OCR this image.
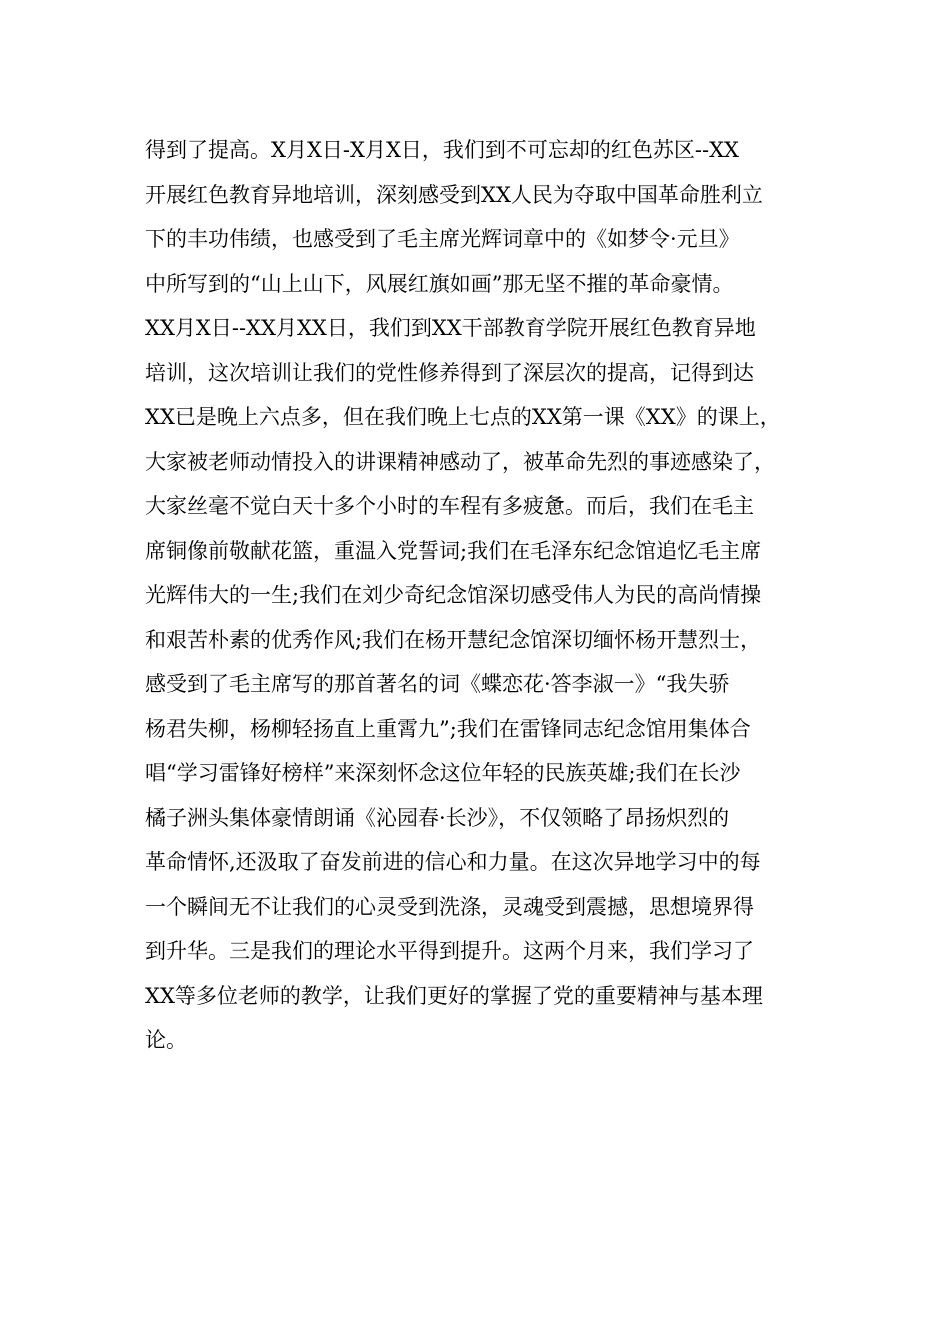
得到了提高。X月X日-X月X日，我们到不可忘却的红色苏区--XX
开展红色教育异地培训，深刻感受到XX人民为夺取中国革命胜利立
下的丰功伟绩，也感受到了毛主席光辉词章中的《如梦令·元旦》
中所写到的“山上山下，风展红旗如画”那无坚不摧的革命豪情。
XX月X日--XX月XX日，我们到XX干部教育学院开展红色教育异地
培训，这次培训让我们的党性修养得到了深层次的提高，记得到达
XX已是晚上六点多，但在我们晚上七点的XX第一课《XX》的课上，
大家被老师动情投入的讲课精神感动了，被革命先烈的事迹感染了，
大家丝毫不觉白天十多个小时的车程有多疲惫。而后，我们在毛主
席铜像前敬献花篮，重温入党誓词;我们在毛泽东纪念馆追忆毛主席
光辉伟大的一生;我们在刘少奇纪念馆深切感受伟人为民的高尚情操
和艰苦朴素的优秀作风;我们在杨开慧纪念馆深切缅怀杨开慧烈士，
感受到了毛主席写的那首著名的词《蝶恋花·答李淑一》“我失骄
杨君失柳，杨柳轻扬直上重霄九”;我们在雷锋同志纪念馆用集体合
唱“学习雷锋好榜样”来深刻怀念这位年轻的民族英雄;我们在长沙
橘子洲头集体豪情朗诵《沁园春·长沙》，不仅领略了昂扬炽烈的
革命情怀,还汲取了奋发前进的信心和力量。在这次异地学习中的每
一个瞬间无不让我们的心灵受到洗涤，灵魂受到震撼，思想境界得
到升华。三是我们的理论水平得到提升。这两个月来，我们学习了
XX等多位老师的教学，让我们更好的掌握了党的重要精神与基本理
论。
